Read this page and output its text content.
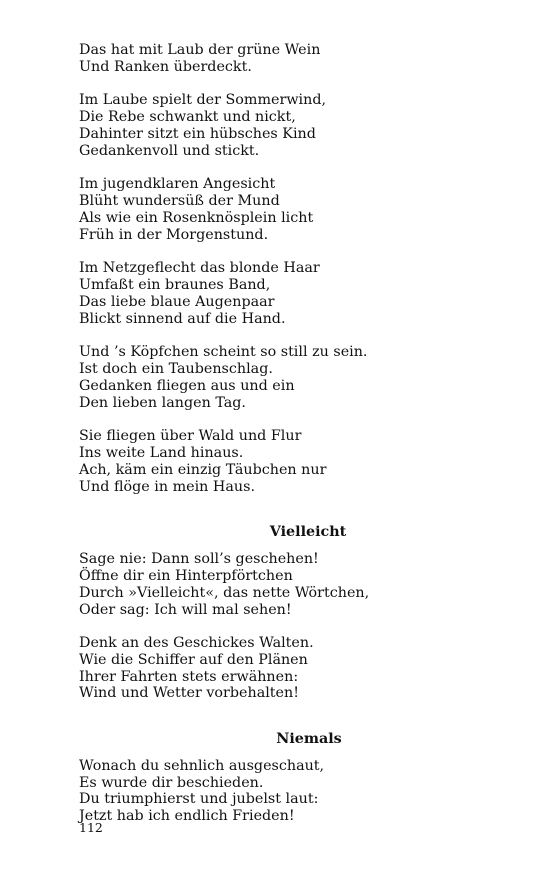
Das hat mit Laub der grüne Wein
Und Ranken überdeckt.
Im Laube spielt der Sommerwind,
Die Rebe schwankt und nickt,
Dahinter sitzt ein hübsches Kind
Gedankenvoll und stickt.
Im jugendklaren Angesicht
Blüht wundersüß der Mund
Als wie ein Rosenknösplein licht
Früh in der Morgenstund.
Im Netzgeflecht das blonde Haar
Umfaßt ein braunes Band,
Das liebe blaue Augenpaar
Blickt sinnend auf die Hand.
Und ’s Köpfchen scheint so still zu sein.
Ist doch ein Taubenschlag.
Gedanken fliegen aus und ein
Den lieben langen Tag.
Sie fliegen über Wald und Flur
Ins weite Land hinaus.
Ach, käm ein einzig Täubchen nur
Und flöge in mein Haus.
Vielleicht
Sage nie: Dann soll’s geschehen!
Öffne dir ein Hinterpförtchen
Durch »Vielleicht«, das nette Wörtchen,
Oder sag: Ich will mal sehen!
Denk an des Geschickes Walten.
Wie die Schiffer auf den Plänen
Ihrer Fahrten stets erwähnen:
Wind und Wetter vorbehalten!
Niemals
Wonach du sehnlich ausgeschaut,
Es wurde dir beschieden.
Du triumphierst und jubelst laut:
Jetzt hab ich endlich Frieden!
112
